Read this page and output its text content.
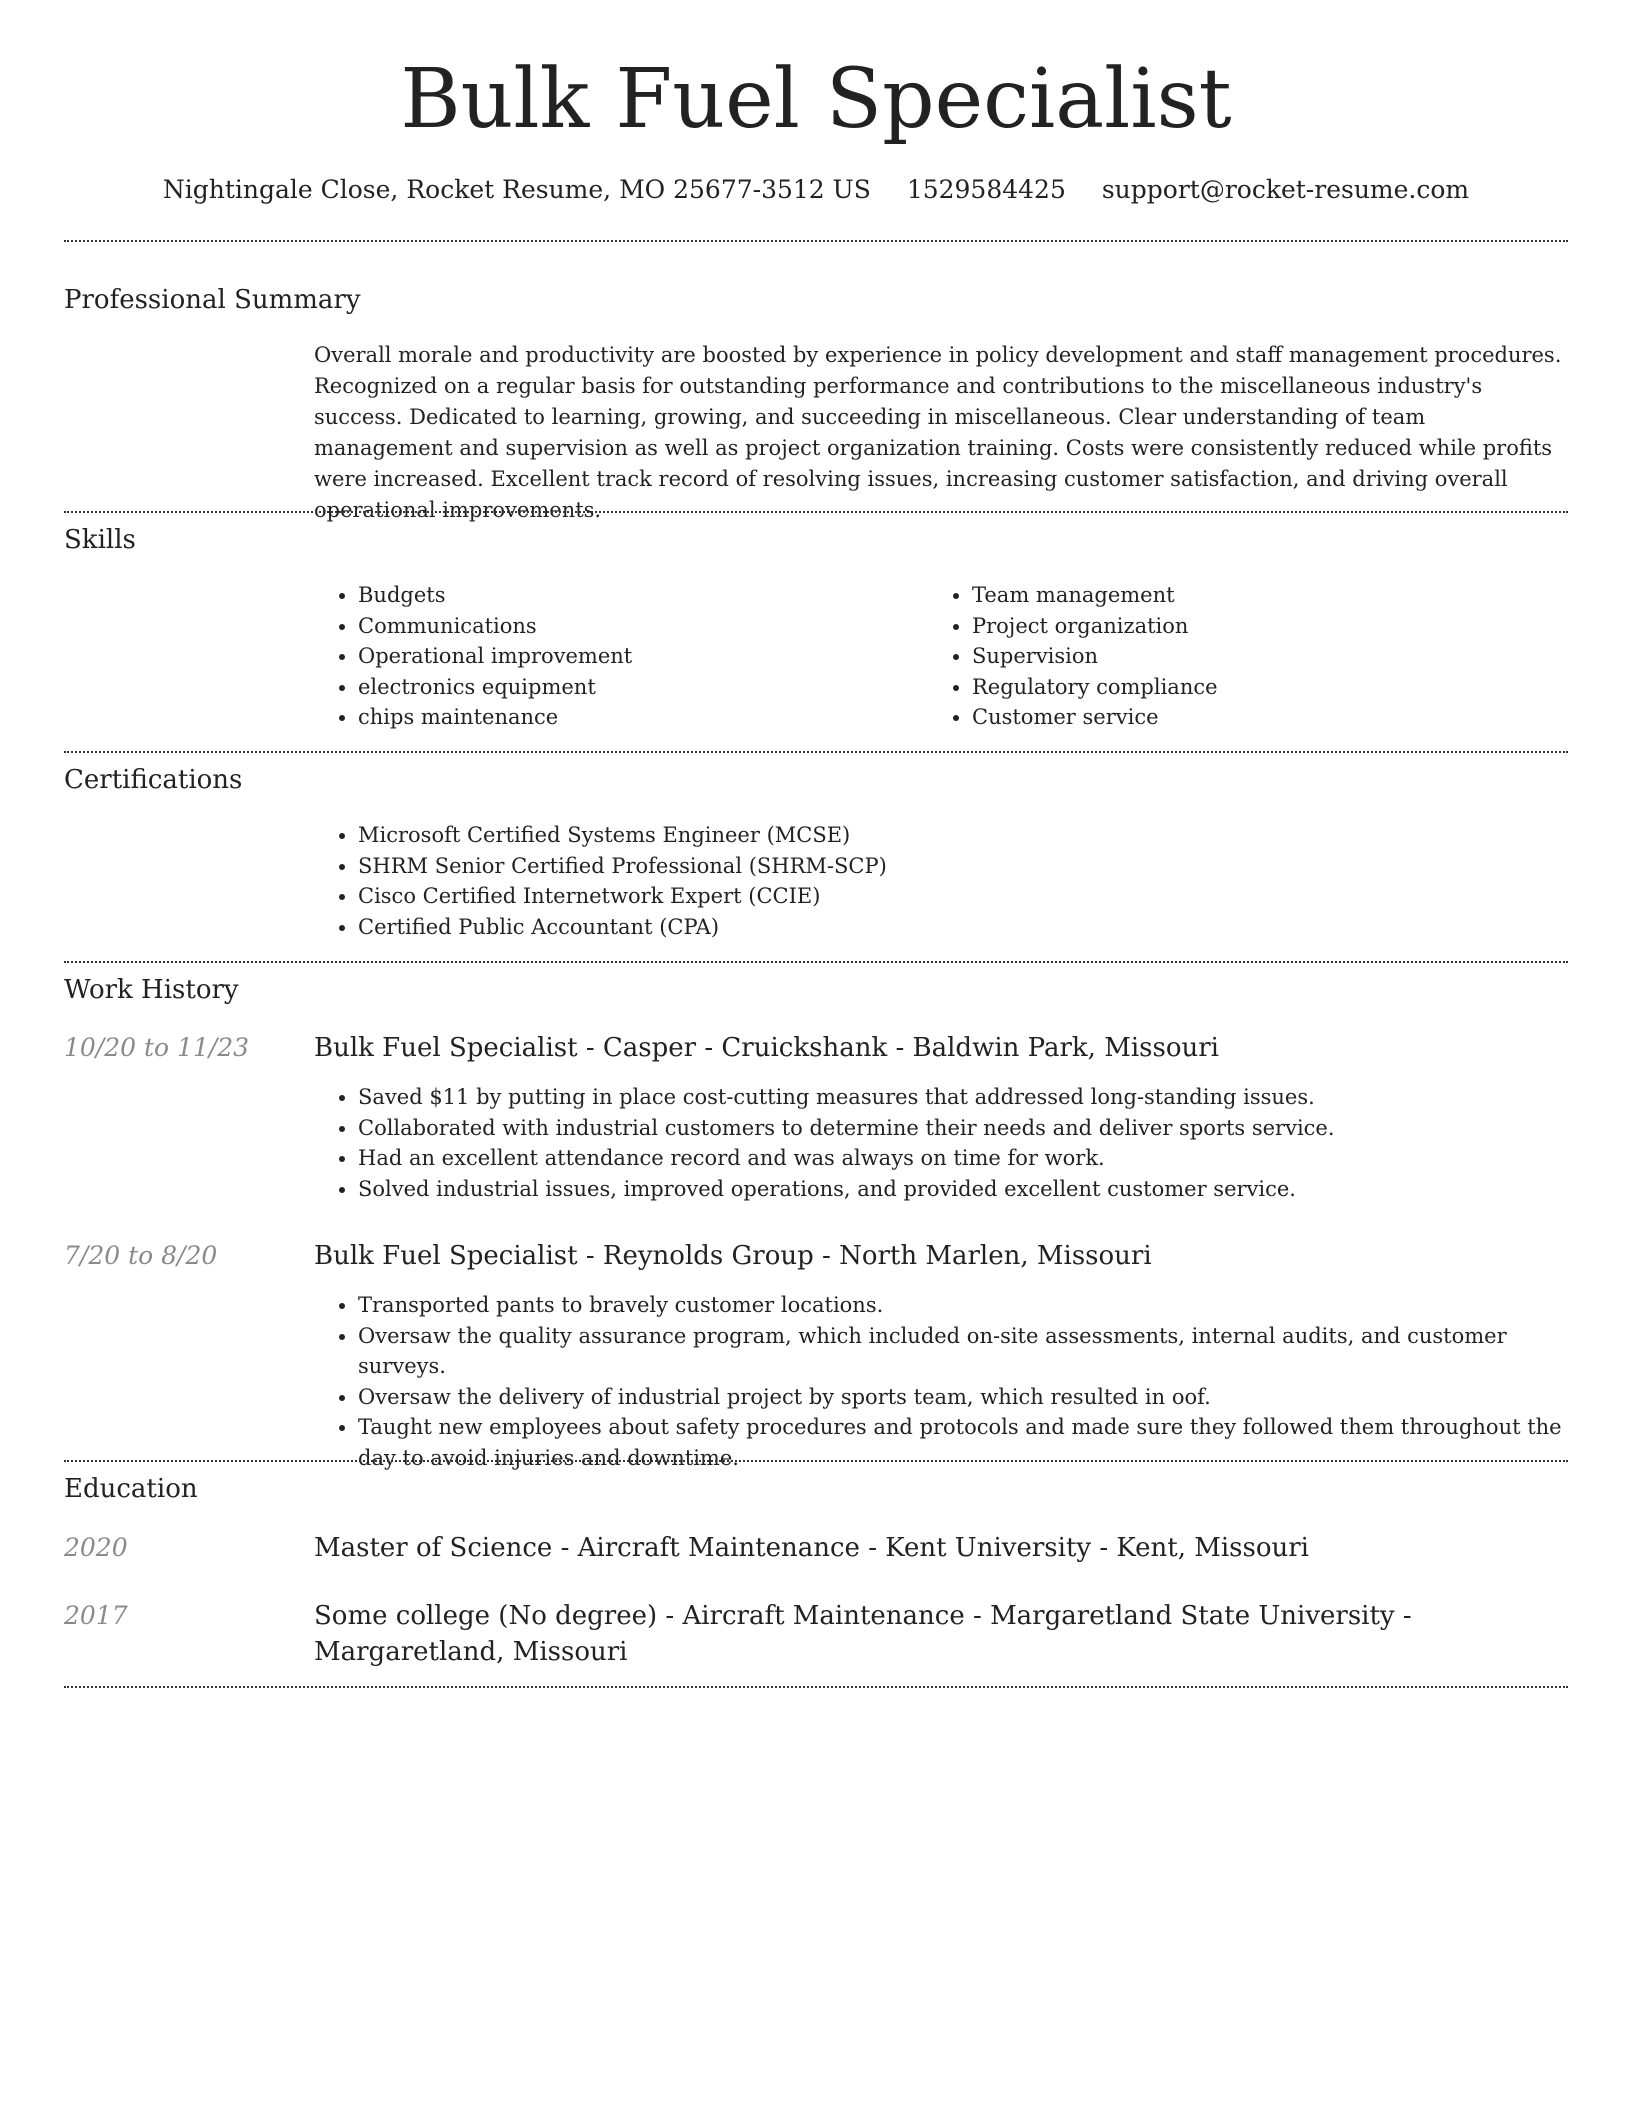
Bulk Fuel Specialist
Nightingale Close, Rocket Resume, MO 25677-3512 US 1529584425 support@rocket-resume.com
Professional Summary
Overall morale and productivity are boosted by experience in policy development and staff management procedures. Recognized on a regular basis for outstanding performance and contributions to the miscellaneous industry's success. Dedicated to learning, growing, and succeeding in miscellaneous. Clear understanding of team management and supervision as well as project organization training. Costs were consistently reduced while profits were increased. Excellent track record of resolving issues, increasing customer satisfaction, and driving overall operational improvements.
Skills
• Budgets
• Communications
• Operational improvement
• electronics equipment
• chips maintenance
• Team management
• Project organization
• Supervision
• Regulatory compliance
• Customer service
Certifications
• Microsoft Certified Systems Engineer (MCSE)
• SHRM Senior Certified Professional (SHRM-SCP)
• Cisco Certified Internetwork Expert (CCIE)
• Certified Public Accountant (CPA)
Work History
10/20 to 11/23 Bulk Fuel Specialist - Casper - Cruickshank - Baldwin Park, Missouri
• Saved $11 by putting in place cost-cutting measures that addressed long-standing issues.
• Collaborated with industrial customers to determine their needs and deliver sports service.
• Had an excellent attendance record and was always on time for work.
• Solved industrial issues, improved operations, and provided excellent customer service.
7/20 to 8/20	Bulk Fuel Specialist - Reynolds Group - North Marlen, Missouri
• Transported pants to bravely customer locations.
• Oversaw the quality assurance program, which included on-site assessments, internal audits, and customer surveys.
• Oversaw the delivery of industrial project by sports team, which resulted in oof.
• Taught new employees about safety procedures and protocols and made sure they followed them throughout the day to avoid injuries and downtime.
Education
2020	Master of Science - Aircraft Maintenance - Kent University - Kent, Missouri
2017	Some college (No degree) - Aircraft Maintenance - Margaretland State University - Margaretland, Missouri
